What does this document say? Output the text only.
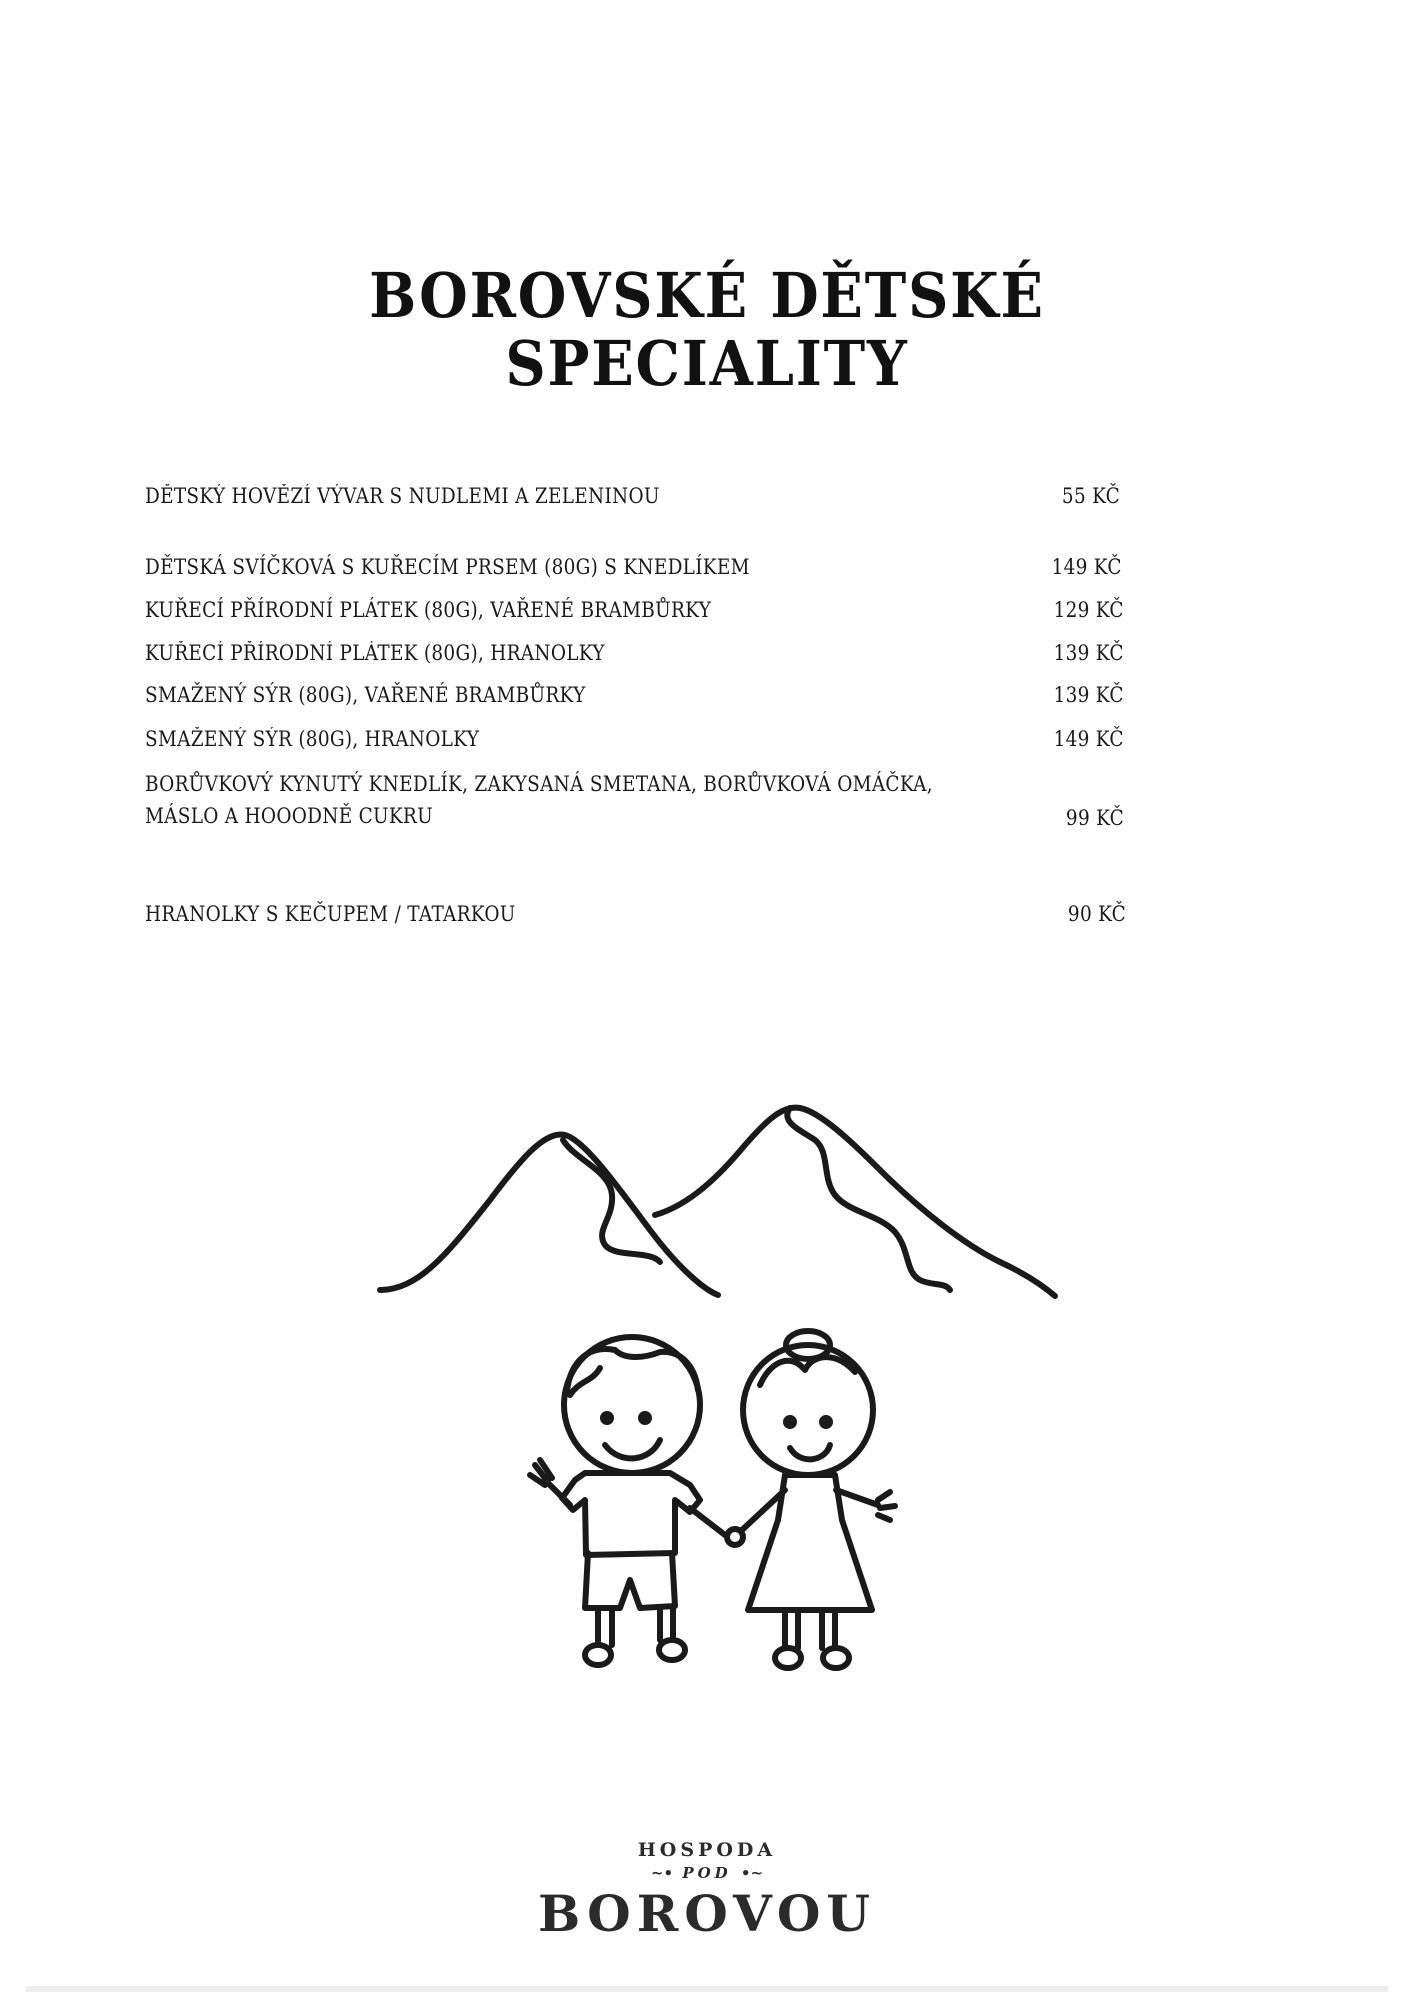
BOROVSKÉ DĚTSKÉ
SPECIALITY
DĚTSKÝ HOVĚZÍ VÝVAR S NUDLEMI A ZELENINOU	55 KČ
DĚTSKÁ SVÍČKOVÁ S KUŘECÍM PRSEM (80G) S KNEDLÍKEM	149 KČ
KUŘECÍ PŘÍRODNÍ PLÁTEK (80G), VAŘENÉ BRAMBŮRKY	129 KČ
KUŘECÍ PŘÍRODNÍ PLÁTEK (80G), HRANOLKY	139 KČ
SMAŽENÝ SÝR (80G), VAŘENÉ BRAMBŮRKY	139 KČ
SMAŽENÝ SÝR (80G), HRANOLKY	149 KČ
BORŮVKOVÝ KYNUTÝ KNEDLÍK, ZAKYSANÁ SMETANA, BORŮVKOVÁ OMÁČKA,
MÁSLO A HOOODNĚ CUKRU	99 KČ
HRANOLKY S KEČUPEM / TATARKOU	90 KČ
HOSPODA
~• POD •~
BOROVOU
